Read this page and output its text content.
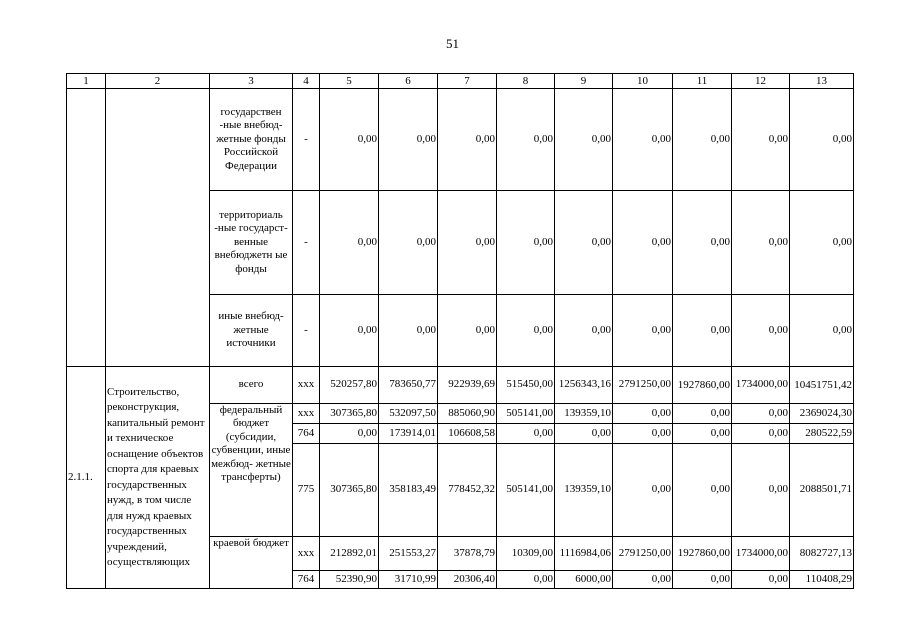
51
1	2	3	4	5	6	7	8	9	10	11	12	13
		государствен -ные внебюд- жетные фонды Российской Федерации	-	0,00	0,00	0,00	0,00	0,00	0,00	0,00	0,00	0,00
		территориаль -ные государст- венные внебюджетн ые фонды	-	0,00	0,00	0,00	0,00	0,00	0,00	0,00	0,00	0,00
		иные внебюд- жетные источники	-	0,00	0,00	0,00	0,00	0,00	0,00	0,00	0,00	0,00
2.1.1.	Строительство, реконструкция, капитальный ремонт и техническое оснащение объектов спорта для краевых государственных нужд, в том числе для нужд краевых государственных учреждений, осуществляющих	всего	ххх	520257,80	783650,77	922939,69	515450,00	1256343,16	2791250,00	1927860,00	1734000,00	10451751,42
		федеральный бюджет (субсидии, субвенции, иные межбюд- жетные трансферты)	ххх	307365,80	532097,50	885060,90	505141,00	139359,10	0,00	0,00	0,00	2369024,30
			764	0,00	173914,01	106608,58	0,00	0,00	0,00	0,00	0,00	280522,59
			775	307365,80	358183,49	778452,32	505141,00	139359,10	0,00	0,00	0,00	2088501,71
		краевой бюджет	ххх	212892,01	251553,27	37878,79	10309,00	1116984,06	2791250,00	1927860,00	1734000,00	8082727,13
			764	52390,90	31710,99	20306,40	0,00	6000,00	0,00	0,00	0,00	110408,29
